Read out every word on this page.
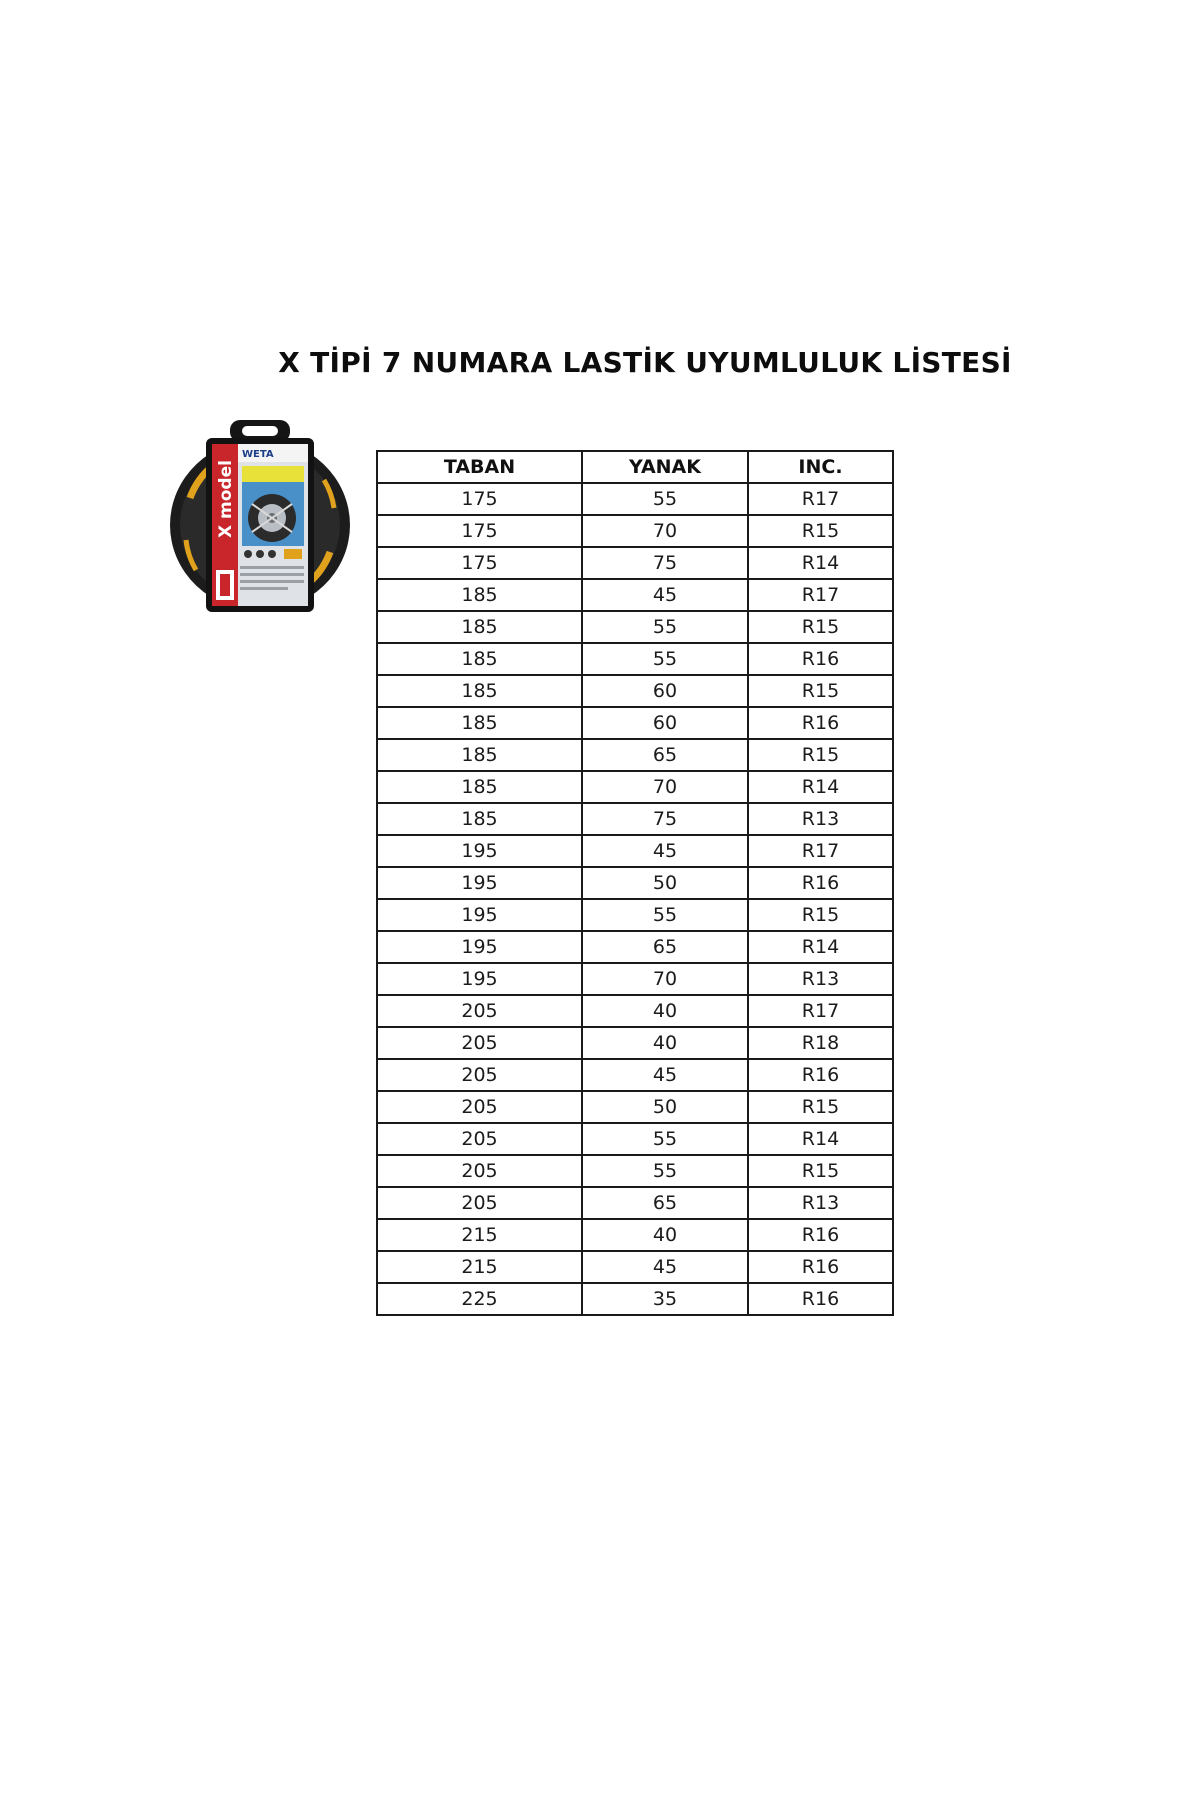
X TİPİ 7 NUMARA LASTİK UYUMLULUK LİSTESİ
WETA
X model	TABAN	YANAK	INC.
175	55	R17
175	70	R15
175	75	R14
185	45	R17
185	55	R15
185	55	R16
185	60	R15
185	60	R16
185	65	R15
185	70	R14
185	75	R13
195	45	R17
195	50	R16
195	55	R15
195	65	R14
195	70	R13
205	40	R17
205	40	R18
205	45	R16
205	50	R15
205	55	R14
205	55	R15
205	65	R13
215	40	R16
215	45	R16
225	35	R16
